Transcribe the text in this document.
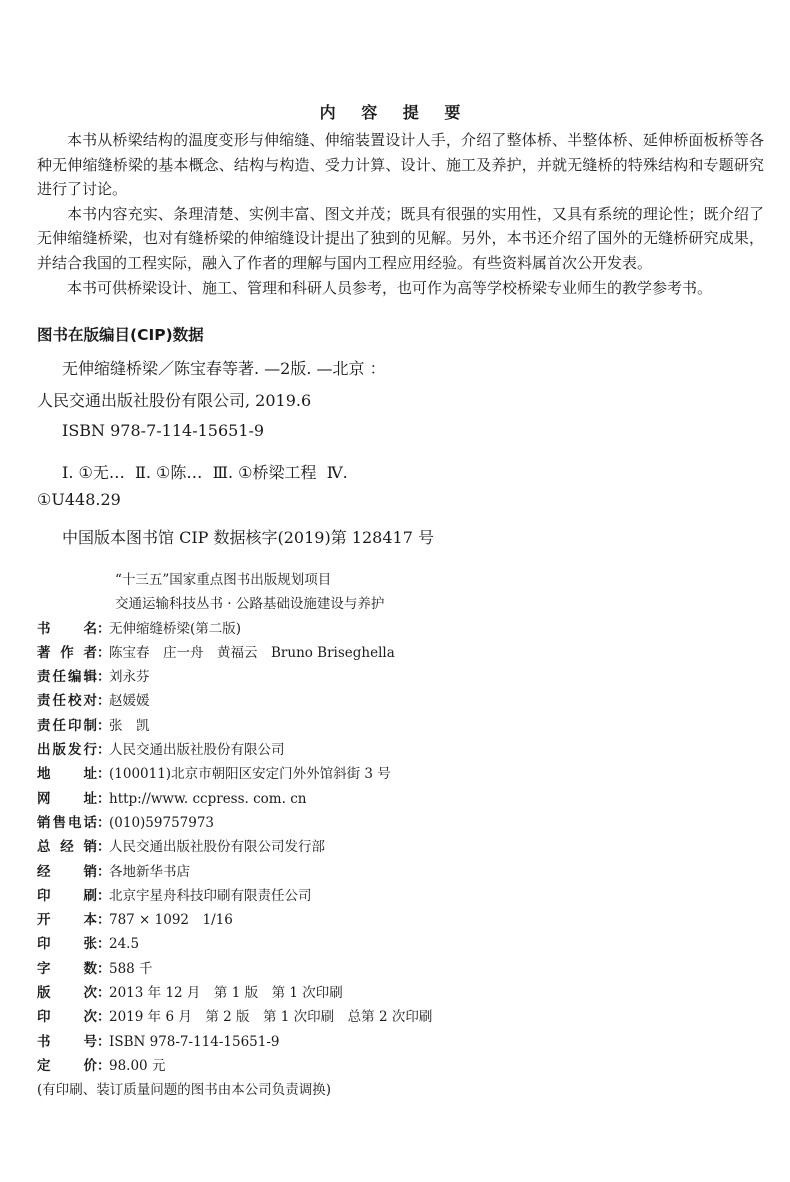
内 容 提 要

本书从桥梁结构的温度变形与伸缩缝、伸缩装置设计人手，介绍了整体桥、半整体桥、延伸桥面板桥等各种无伸缩缝桥梁的基本概念、结构与构造、受力计算、设计、施工及养护，并就无缝桥的特殊结构和专题研究进行了讨论。

本书内容充实、条理清楚、实例丰富、图文并茂；既具有很强的实用性，又具有系统的理论性；既介绍了无伸缩缝桥梁，也对有缝桥梁的伸缩缝设计提出了独到的见解。另外，本书还介绍了国外的无缝桥研究成果，并结合我国的工程实际，融入了作者的理解与国内工程应用经验。有些资料属首次公开发表。

本书可供桥梁设计、施工、管理和科研人员参考，也可作为高等学校桥梁专业师生的教学参考书。

图书在版编目(CIP)数据
无伸缩缝桥梁／陈宝春等著. —2版. —北京 ：
人民交通出版社股份有限公司, 2019.6
ISBN 978-7-114-15651-9
Ⅰ. ①无…  Ⅱ. ①陈…  Ⅲ. ①桥梁工程  Ⅳ.
①U448.29
中国版本图书馆 CIP 数据核字(2019)第 128417 号
“十三五”国家重点图书出版规划项目
交通运输科技丛书 · 公路基础设施建设与养护
书 名 ：
无伸缩缝桥梁(第二版)
著 作 者 ：
陈宝春　庄一舟　黄福云　Bruno Briseghella
责 任 编 辑 ：
刘永芬
责 任 校 对 ：
赵媛媛
责 任 印 制 ：
张　凯
出 版 发 行 ：
人民交通出版社股份有限公司
地 址 ：
(100011)北京市朝阳区安定门外外馆斜街 3 号
网 址 ：
http://www. ccpress. com. cn
销 售 电 话 ：
(010)59757973
总 经 销 ：
人民交通出版社股份有限公司发行部
经 销 ：
各地新华书店
印 刷 ：
北京宇星舟科技印刷有限责任公司
开 本 ：
787 × 1092　1/16
印 张 ：
24.5
字 数 ：
588 千
版 次 ：
2013 年 12 月　第 1 版　第 1 次印刷
印 次 ：
2019 年 6 月　第 2 版　第 1 次印刷　总第 2 次印刷
书 号 ：
ISBN 978-7-114-15651-9
定 价 ：
98.00 元
(有印刷、装订质量问题的图书由本公司负责调换)
